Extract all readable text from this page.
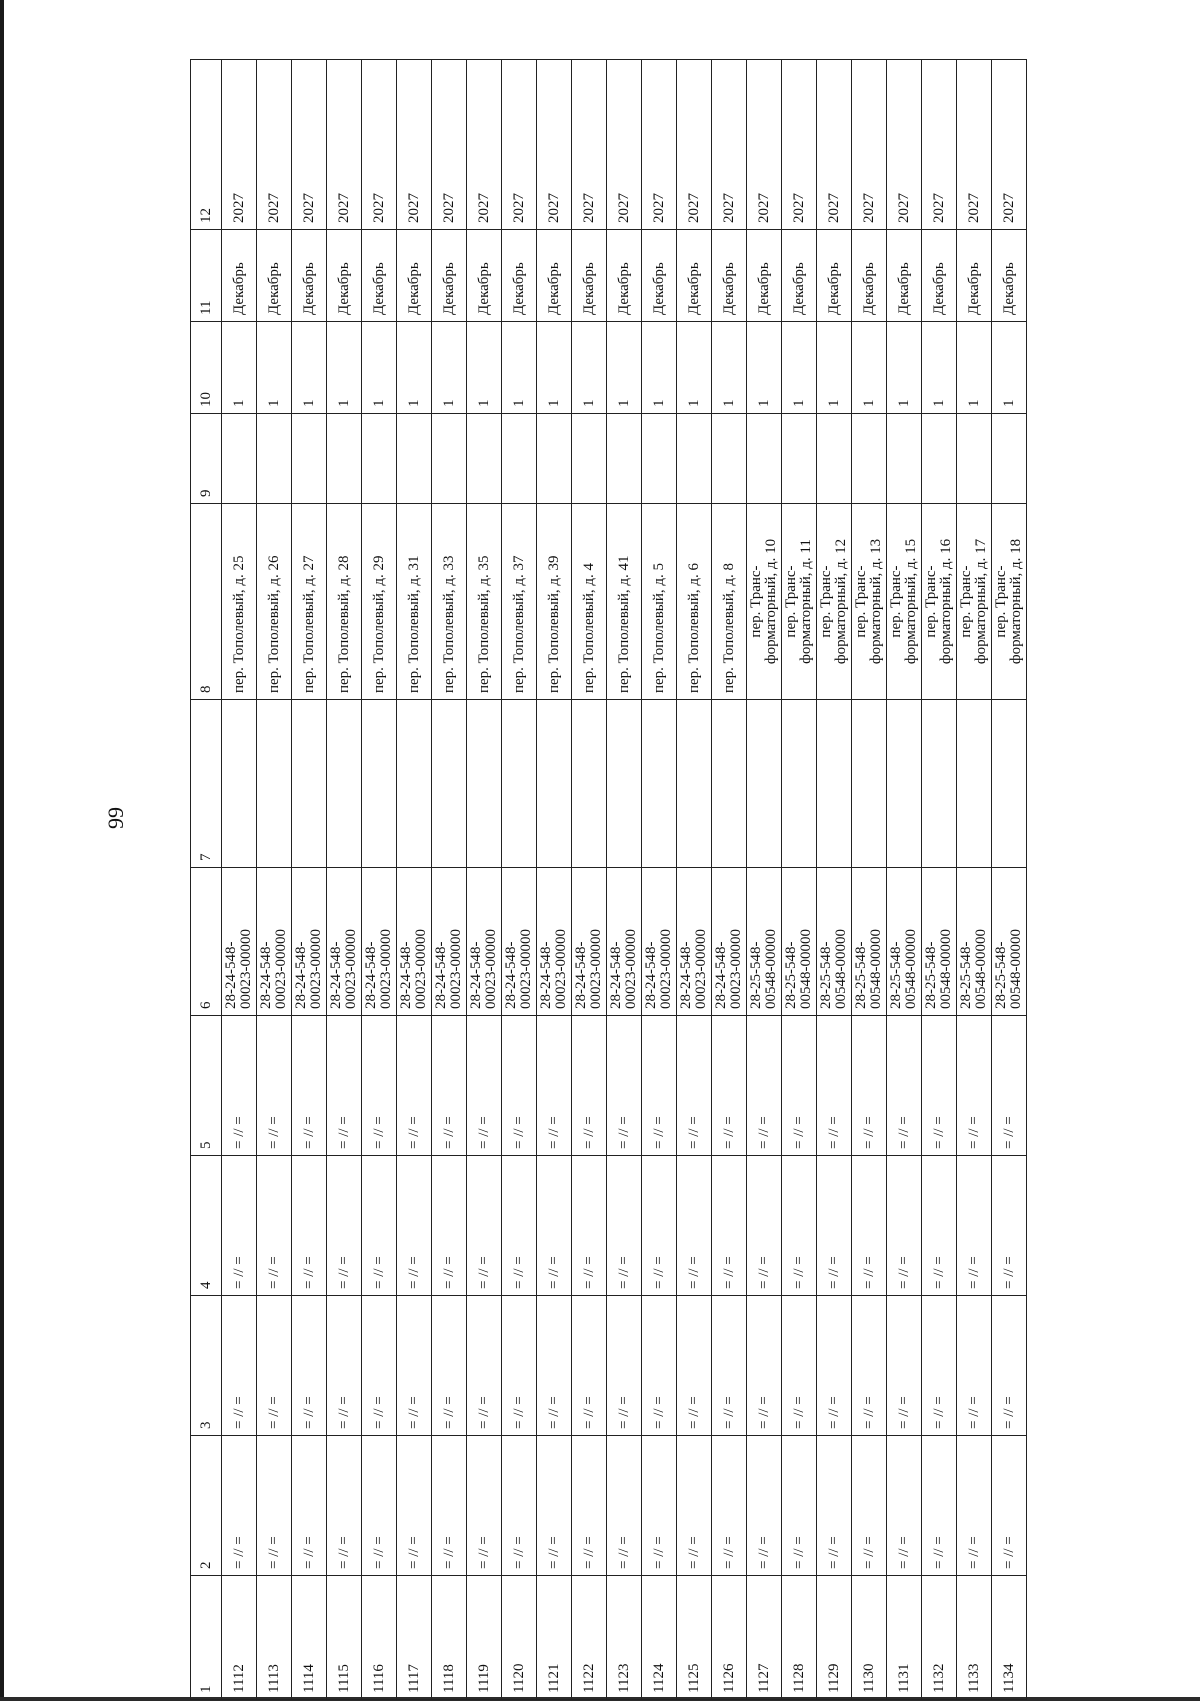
99
1	2	3	4	5	6	7	8	9	10	11	12
1112	= // =	= // =	= // =	= // =	28-24-548-
00023-00000		пер. Тополевый, д. 25		1	Декабрь	2027
1113	= // =	= // =	= // =	= // =	28-24-548-
00023-00000		пер. Тополевый, д. 26		1	Декабрь	2027
1114	= // =	= // =	= // =	= // =	28-24-548-
00023-00000		пер. Тополевый, д. 27		1	Декабрь	2027
1115	= // =	= // =	= // =	= // =	28-24-548-
00023-00000		пер. Тополевый, д. 28		1	Декабрь	2027
1116	= // =	= // =	= // =	= // =	28-24-548-
00023-00000		пер. Тополевый, д. 29		1	Декабрь	2027
1117	= // =	= // =	= // =	= // =	28-24-548-
00023-00000		пер. Тополевый, д. 31		1	Декабрь	2027
1118	= // =	= // =	= // =	= // =	28-24-548-
00023-00000		пер. Тополевый, д. 33		1	Декабрь	2027
1119	= // =	= // =	= // =	= // =	28-24-548-
00023-00000		пер. Тополевый, д. 35		1	Декабрь	2027
1120	= // =	= // =	= // =	= // =	28-24-548-
00023-00000		пер. Тополевый, д. 37		1	Декабрь	2027
1121	= // =	= // =	= // =	= // =	28-24-548-
00023-00000		пер. Тополевый, д. 39		1	Декабрь	2027
1122	= // =	= // =	= // =	= // =	28-24-548-
00023-00000		пер. Тополевый, д. 4		1	Декабрь	2027
1123	= // =	= // =	= // =	= // =	28-24-548-
00023-00000		пер. Тополевый, д. 41		1	Декабрь	2027
1124	= // =	= // =	= // =	= // =	28-24-548-
00023-00000		пер. Тополевый, д. 5		1	Декабрь	2027
1125	= // =	= // =	= // =	= // =	28-24-548-
00023-00000		пер. Тополевый, д. 6		1	Декабрь	2027
1126	= // =	= // =	= // =	= // =	28-24-548-
00023-00000		пер. Тополевый, д. 8		1	Декабрь	2027
1127	= // =	= // =	= // =	= // =	28-25-548-
00548-00000		пер. Транс-
форматорный, д. 10		1	Декабрь	2027
1128	= // =	= // =	= // =	= // =	28-25-548-
00548-00000		пер. Транс-
форматорный, д. 11		1	Декабрь	2027
1129	= // =	= // =	= // =	= // =	28-25-548-
00548-00000		пер. Транс-
форматорный, д. 12		1	Декабрь	2027
1130	= // =	= // =	= // =	= // =	28-25-548-
00548-00000		пер. Транс-
форматорный, д. 13		1	Декабрь	2027
1131	= // =	= // =	= // =	= // =	28-25-548-
00548-00000		пер. Транс-
форматорный, д. 15		1	Декабрь	2027
1132	= // =	= // =	= // =	= // =	28-25-548-
00548-00000		пер. Транс-
форматорный, д. 16		1	Декабрь	2027
1133	= // =	= // =	= // =	= // =	28-25-548-
00548-00000		пер. Транс-
форматорный, д. 17		1	Декабрь	2027
1134	= // =	= // =	= // =	= // =	28-25-548-
00548-00000		пер. Транс-
форматорный, д. 18		1	Декабрь	2027
